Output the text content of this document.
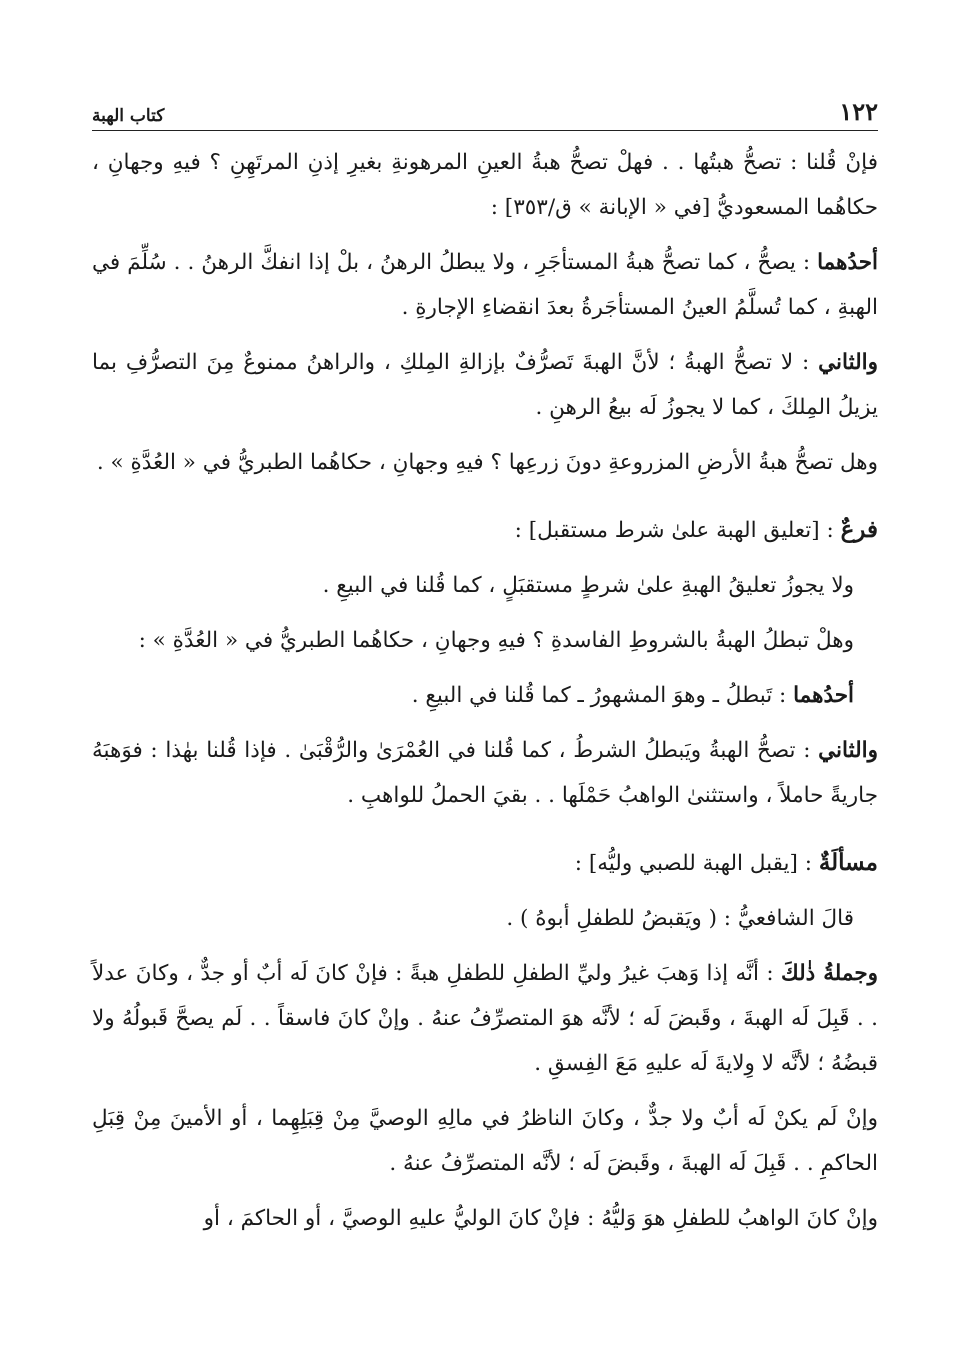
١٢٢
كتاب الهبة

فإنْ قُلنا : تصحُّ هبتُها . . فهلْ تصحُّ هبةُ العينِ المرهونةِ بغيرِ إذنِ المرتَهِنِ ؟ فيهِ وجهانِ ، حكاهُما المسعوديُّ [في « الإبانة » ق/٣٥٣] :

أحدُهما : يصحُّ ، كما تصحُّ هبةُ المستأجَرِ ، ولا يبطلُ الرهنُ ، بلْ إذا انفكَّ الرهنُ . . سُلِّمَ في الهبةِ ، كما تُسلَّمُ العينُ المستأجَرةُ بعدَ انقضاءِ الإجارةِ .

والثاني : لا تصحُّ الهبةُ ؛ لأنَّ الهبةَ تَصرُّفٌ بإزالةِ المِلكِ ، والراهنُ ممنوعٌ مِنَ التصرُّفِ بما يزيلُ المِلكَ ، كما لا يجوزُ لَه بيعُ الرهنِ .

وهل تصحُّ هبةُ الأرضِ المزروعةِ دونَ زرعِها ؟ فيهِ وجهانِ ، حكاهُما الطبريُّ في « العُدَّةِ » .

فرعٌ : [تعليق الهبة علىٰ شرط مستقبل] :

ولا يجوزُ تعليقُ الهبةِ علىٰ شرطٍ مستقبَلٍ ، كما قُلنا في البيعِ .

وهلْ تبطلُ الهبةُ بالشروطِ الفاسدةِ ؟ فيهِ وجهانِ ، حكاهُما الطبريُّ في « العُدَّةِ » :

أحدُهما : تَبطلُ ـ وهوَ المشهورُ ـ كما قُلنا في البيعِ .

والثاني : تصحُّ الهبةُ ويَبطلُ الشرطُ ، كما قُلنا في العُمْرَىٰ والرُّقْبَىٰ . فإذا قُلنا بهٰذا : فوَهبَهُ جاريةً حاملاً ، واستثنىٰ الواهبُ حَمْلَها . . بقيَ الحملُ للواهبِ .

مسألَةٌ : [يقبل الهبة للصبي وليُّه] :

قالَ الشافعيُّ : ( ويَقبضُ للطفلِ أبوهُ ) .

وجملةُ ذٰلكَ : أنَّه إذا وَهبَ غيرُ وليِّ الطفلِ للطفلِ هبةً : فإنْ كانَ لَه أبٌ أو جدٌّ ، وكانَ عدلاً . . قَبِلَ لَه الهبةَ ، وقَبضَ لَه ؛ لأنَّه هوَ المتصرِّفُ عنهُ . وإنْ كانَ فاسقاً . . لَم يصحَّ قَبولُهُ ولا قبضُهُ ؛ لأنَّه لا وِلايةَ لَه عليهِ مَعَ الفِسقِ .

وإنْ لَم يكنْ لَه أبٌ ولا جدٌّ ، وكانَ الناظرُ في مالِهِ الوصيَّ مِنْ قِبَلِهِما ، أو الأمينَ مِنْ قِبَلِ الحاكمِ . . قَبِلَ لَه الهبةَ ، وقَبضَ لَه ؛ لأنَّه المتصرِّفُ عنهُ .

وإنْ كانَ الواهبُ للطفلِ هوَ وَليُّهُ : فإنْ كانَ الوليُّ عليهِ الوصيَّ ، أو الحاكمَ ، أو
